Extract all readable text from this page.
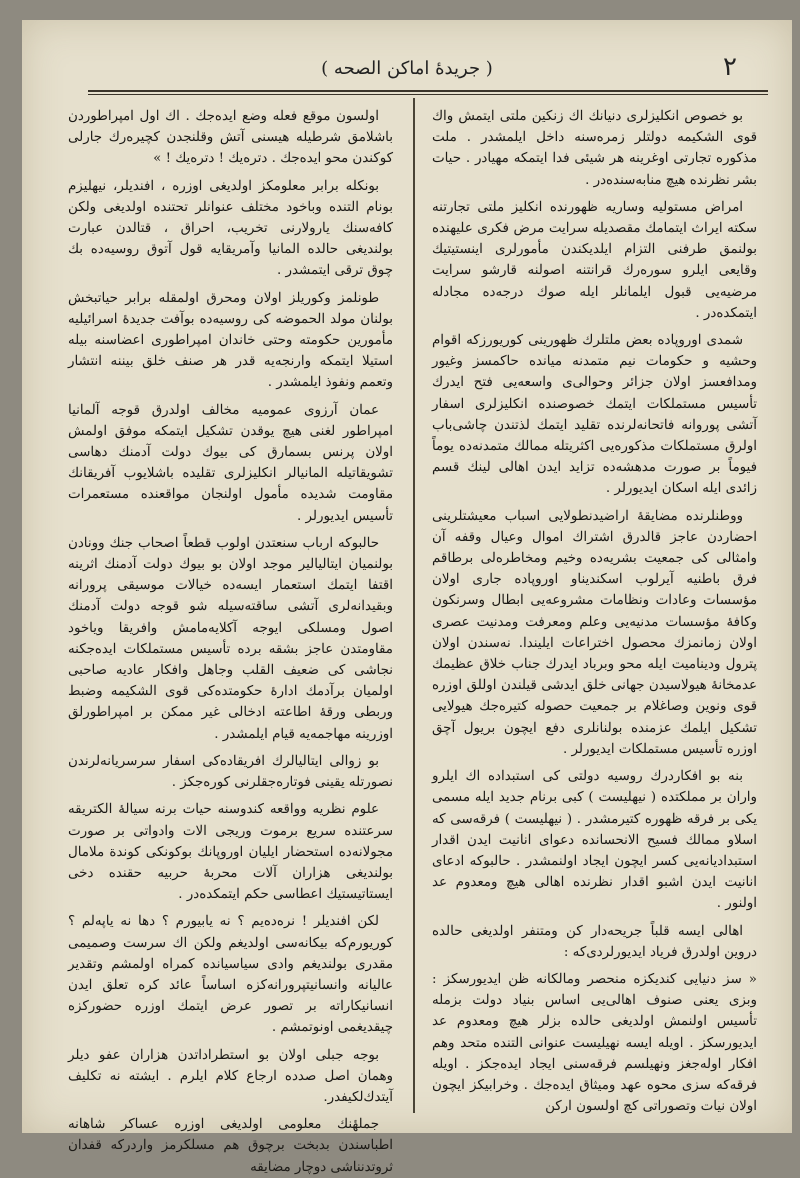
( جريدهٔ اماكن الصحه )	٢

بو خصوص انكليزلری دنيانك اك زنكين ملتی ايتمش واك قوی الشكيمه دولتلر زمره‌سنه داخل ايلمشدر . ملت مذكوره تجارتی اوغرينه هر شيئی فدا ايتمكه مهيادر . حيات بشر نظرنده هيچ منابه‌سنده‌در .

امراض مستوليه وساريه ظهورنده انكليز ملتی تجارتنه سكته ايراث ايتمامك مقصديله سرايت مرض فكری عليهنده بولنمق طرفنی التزام ايلديكندن مأمورلری اينستيتيك وقايعی ايلرو سوره‌رك قرانتنه اصولنه قارشو سرايت مرضيه‌يی قبول ايلمانلر ايله صوك درجه‌ده مجادله ايتمكده‌در .

شمدی اوروپاده بعض ملتلرك ظهورينی كوريورزكه اقوام وحشيه و حكومات نيم متمدنه ميانده حاكمسز وغيور ومدافعسز اولان جزائر وحوالی‌ی واسعه‌يی فتح ايدرك تأسيس مستملكات ايتمك خصوصنده انكليزلری اسفار آتشی پوروانه فاتحانه‌لرنده تقليد ايتمك لذتندن چاشی‌باب اولرق مستملكات مذكوره‌يی اكثريتله ممالك متمدنه‌ده يوماً فيوماً بر صورت مدهشه‌ده تزايد ايدن اهالی لينك قسم زائدی ايله اسكان ايديورلر .

ووطنلرنده مضايقهٔ اراضيدنطولايی اسباب معيشتلرینی احضاردن عاجز قالدرق اشتراك اموال وعيال وقفه آن وامثالی كی جمعيت بشريه‌ده وخيم ومخاطره‌لی برطاقم فرق باطنيه آيرلوب اسكنديناو اوروپاده جاری اولان مؤسسات وعادات ونظامات مشروعه‌يی ابطال وسرنكون وكافهٔ مؤسسات مدنيه‌يی وعلم ومعرفت ومدنيت عصری اولان زمانمزك محصول اختراعات ايليندا. نه‌سندن اولان پترول وديناميت ايله محو وبرباد ايدرك جناب خلاق عظيمك عدمخانهٔ هيولاسيدن جهانی خلق ايدشی قيلندن اوللق اوزره قوی ونوين وصاغلام بر جمعيت حصوله كتيره‌جك هيولايی تشكيل ايلمك عزمنده بولنانلری دفع ايچون بريول آچق اوزره تأسيس مستملكات ايديورلر .

بنه بو افكاردرك روسيه دولتی كی استبداده اك ايلرو واران بر مملكتده ( نيهليست ) كبی برنام جديد ايله مسمی يكی بر فرقه ظهوره كتيرمشدر . ( نيهليست ) فرقه‌سی كه اسلاو ممالك فسيح الانحسانده دعوای انانيت ايدن اقدار استبداديانه‌يی كسر ايچون ايجاد اولنمشدر . حالبوكه ادعای انانيت ايدن اشبو اقدار نظرنده اهالی هيچ ومعدوم عد اولنور .

اهالی ايسه قلباً جريحه‌دار كن ومتنفر اولديغی حالده دروين اولدرق فرياد ايديورلردی‌كه :

« سز دنيايی كنديكزه منحصر ومالكانه ظن ايديورسكز : وبزی يعنی صنوف اهالی‌يی اساس بنياد دولت بزمله تأسيس اولنمش اولديغی حالده بزلر هيچ ومعدوم عد ايديورسكز . اويله ايسه نهيليست عنوانی التنده متحد وهم افكار اوله‌جغز ونهيلسم فرقه‌سنی ايجاد ايده‌جكز . اويله فرقه‌كه سزی محوه عهد وميثاق ايده‌جك . وخرابيكز ايچون اولان نيات وتصوراتی كچ اولسون اركن

اولسون موقع فعله وضع ايده‌جك . اك اول امپراطوردن باشلامق شرطيله هيسنی آتش وقلنجدن كچيره‌رك جارلی كوكندن محو ايده‌جك . دتره‌يك ! دتره‌يك ! »

بونكله برابر معلومكز اولديغی اوزره ، افندیلر، نيهليزم بونام التنده وباخود مختلف عنوانلر تحتنده اولديغی ولكن كافه‌سنك يارولارنی تخريب، احراق ، قتالدن عبارت بولنديغی حالده المانيا وآمريقايه قول آتوق روسيه‌ده بك چوق ترقی ايتمشدر .

طونلمز وكوريلز اولان ومحرق اولمقله برابر حياتبخش بولنان مولد الحموضه كی روسيه‌ده بوآفت جديدهٔ اسرائيليه مأمورين حكومته وحتی خاندان امپراطوری اعضاسنه بيله استيلا ايتمكه وارنجه‌يه قدر هر صنف خلق بيننه انتشار وتعمم ونفوذ ايلمشدر .

عمان آرزوی عموميه مخالف اولدرق قوجه آلمانيا امپراطور لغنی هيچ يوقدن تشكيل ايتمكه موفق اولمش اولان پرنس بسمارق كی بيوك دولت آدمنك دهاسی تشويقاتيله المانيالر انكليزلری تقليده باشلايوب آفريقانك مقاومت شديده مأمول اولنجان مواقعنده مستعمرات تأسيس ايديورلر .

حالبوكه ارباب سنعتدن اولوب قطعاً اصحاب جنك وونادن بولنميان ايتاليالير موجد اولان بو بيوك دولت آدمنك اثرينه اقتفا ايتمك استعمار ايسه‌ده خيالات موسيقی پرورانه وبقيدانه‌لری آتشی ساقته‌سيله شو قوجه دولت آدمنك اصول ومسلكی ايوجه آكلايه‌مامش وافريقا وياخود مقاومتدن عاجز بشقه برده تأسيس مستملكات ايده‌جكنه نجاشی كی ضعيف القلب وجاهل وافكار عاديه صاحبی اولميان برآدمك اداره‌ٔ حكومتده‌كی قوی الشكيمه وضبط وربطی ورقهٔ اطاعته ادخالی غير ممكن بر امپراطورلق اوزرينه مهاجمه‌يه قيام ايلمشدر .

بو زوالی ايتاليالرك افريقاده‌كی اسفار سرسريانه‌لرندن نصورتله يقينی فوتاره‌جقلرنی كوره‌جكز .

علوم نظريه وواقعه كندوسنه حيات برنه سيالهٔ الكتريقه سرعتنده سريع برموت وريجی الات وادواتی بر صورت مجولانه‌ده استحضار ايليان اوروپانك بوكونكی كوندة ملامال بولنديغی هزاران آلات محربهٔ حربيه حقنده دخی ايستاتيستيك اعطاسی حكم ايتمكده‌در .

لكن افنديلر ! نره‌ده‌يم ؟ نه يابيورم ؟ دها نه ياپه‌لم ؟ كوريورم‌كه بيكانه‌سی اولديغم ولكن اك سرست وصميمی مقدری بولنديغم وادی سياسيانده كمراه اولمشم وتقدير عاليانه وانسانيتپرورانه‌كزه اساساً عائد كره تعلق ايدن انسانيكاراته بر تصور عرض ايتمك اوزره حضوركزه چيقديغمی اونوتمشم .

بوجه جبلی اولان بو استطراداتدن هزاران عفو ديلر وهمان اصل صدده ارجاع كلام ايلرم . ايشته نه تكليف آيتدك‌لكيفدر.

جملهٔنك معلومی اولديغی اوزره عساكر شاهانه اطباسندن بدبخت برچوق هم مسلكرمز واردرکه قفدان ثروتدنناشی دوچار مضايقه
